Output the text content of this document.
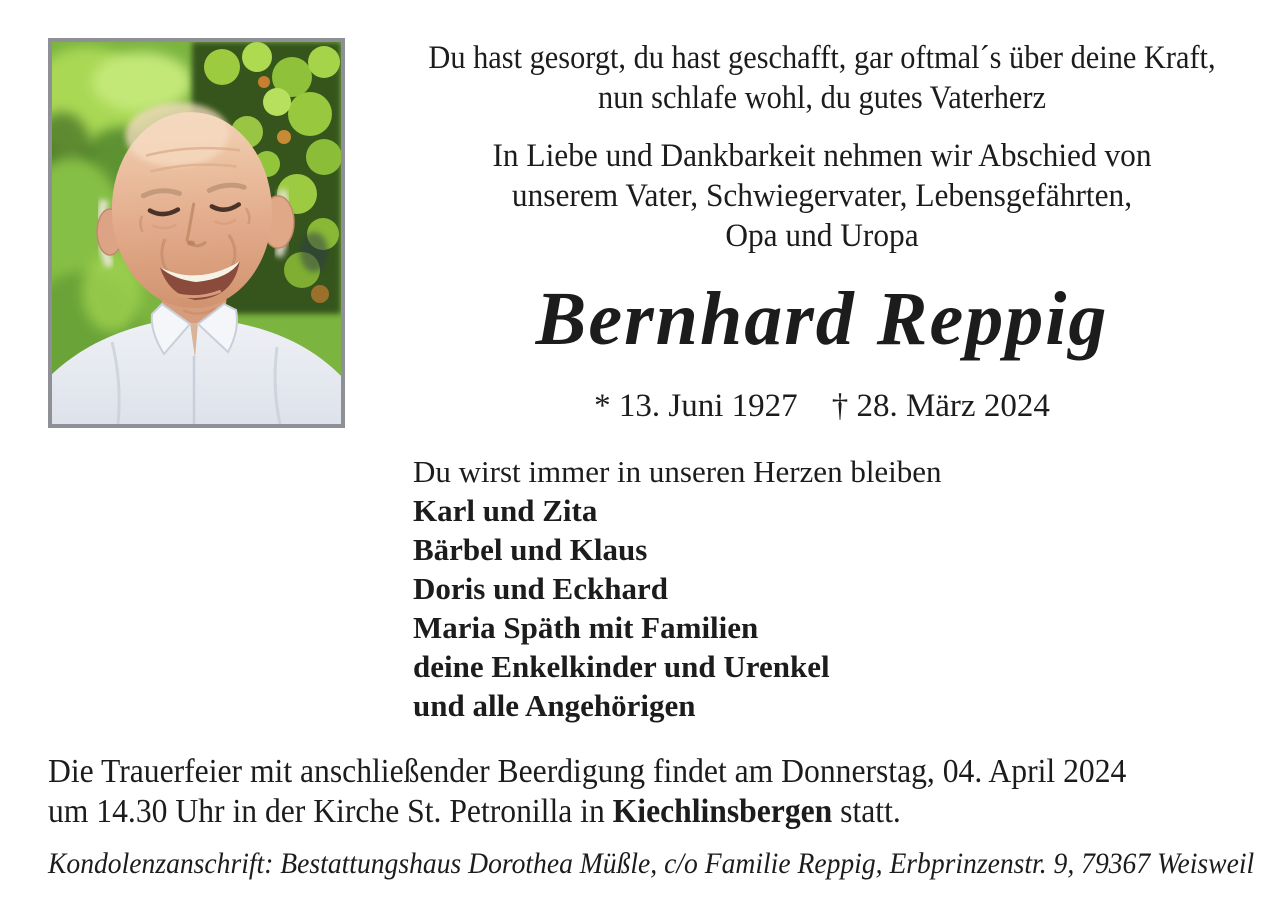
Du hast gesorgt, du hast geschafft, gar oftmal´s über deine Kraft,
nun schlafe wohl, du gutes Vaterherz
In Liebe und Dankbarkeit nehmen wir Abschied von
unserem Vater, Schwiegervater, Lebensgefährten,
Opa und Uropa
Bernhard Reppig
* 13. Juni 1927 † 28. März 2024
Du wirst immer in unseren Herzen bleiben
Karl und Zita
Bärbel und Klaus
Doris und Eckhard
Maria Späth mit Familien
deine Enkelkinder und Urenkel
und alle Angehörigen
Die Trauerfeier mit anschließender Beerdigung findet am Donnerstag, 04. April 2024
um 14.30 Uhr in der Kirche St. Petronilla in Kiechlinsbergen statt.
Kondolenzanschrift: Bestattungshaus Dorothea Müßle, c/o Familie Reppig, Erbprinzenstr. 9, 79367 Weisweil
